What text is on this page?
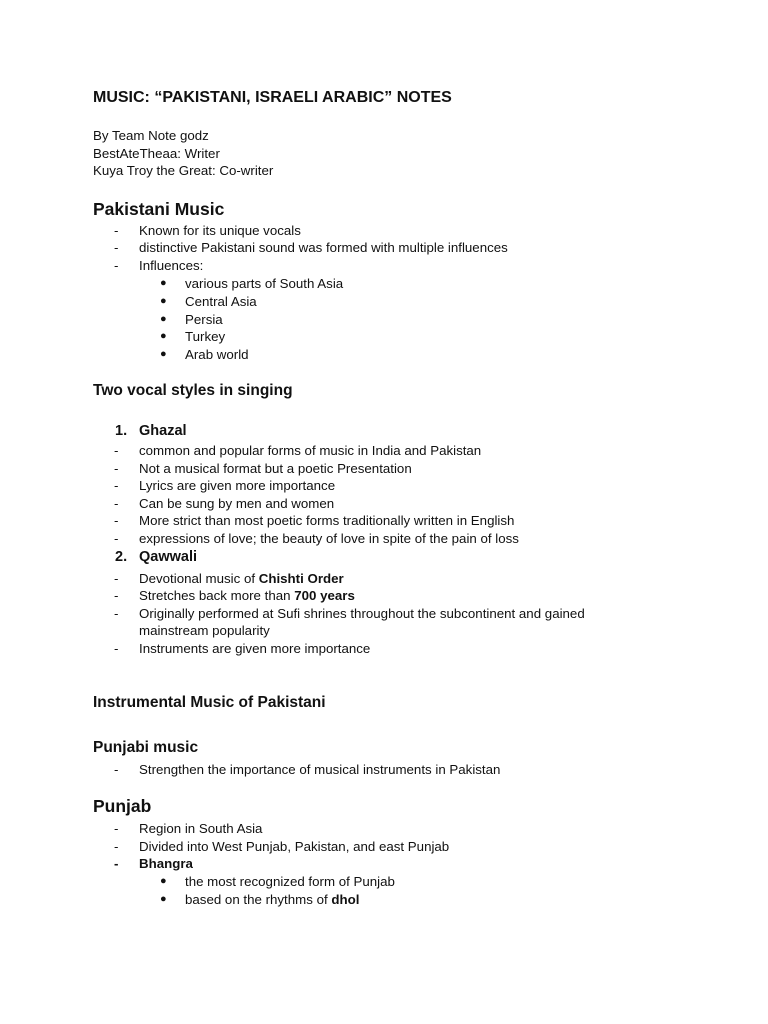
MUSIC: “PAKISTANI, ISRAELI ARABIC” NOTES
By Team Note godz
BestAteTheaa: Writer
Kuya Troy the Great: Co-writer
Pakistani Music
- Known for its unique vocals
- distinctive Pakistani sound was formed with multiple influences
- Influences:
● various parts of South Asia
● Central Asia
● Persia
● Turkey
● Arab world
Two vocal styles in singing
1. Ghazal
- common and popular forms of music in India and Pakistan
- Not a musical format but a poetic Presentation
- Lyrics are given more importance
- Can be sung by men and women
- More strict than most poetic forms traditionally written in English
- expressions of love; the beauty of love in spite of the pain of loss
2. Qawwali
- Devotional music of Chishti Order
- Stretches back more than 700 years
- Originally performed at Sufi shrines throughout the subcontinent and gained
mainstream popularity
- Instruments are given more importance
Instrumental Music of Pakistani
Punjabi music
- Strengthen the importance of musical instruments in Pakistan
Punjab
- Region in South Asia
- Divided into West Punjab, Pakistan, and east Punjab
- Bhangra
● the most recognized form of Punjab
● based on the rhythms of dhol
